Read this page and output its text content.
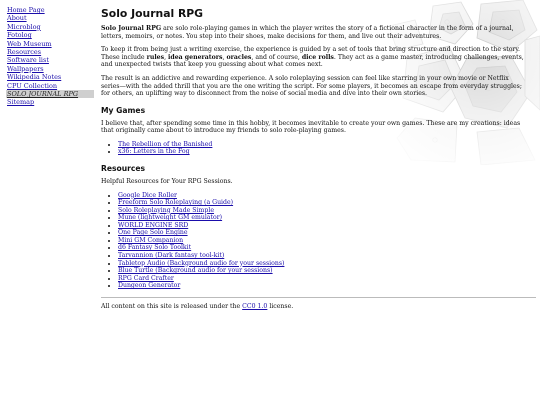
Home Page
About
Microblog
Fotolog
Web Museum
Resources
Software list
Wallpapers
Wikipedia Notes
CPU Collection
SOLO JOURNAL RPG
Sitemap
Solo Journal RPG

Solo Journal RPG are solo role-playing games in which the player writes the story of a fictional character in the form of a journal, letters, memoirs, or notes. You step into their shoes, make decisions for them, and live out their adventures.

To keep it from being just a writing exercise, the experience is guided by a set of tools that bring structure and direction to the story. These include rules, idea generators, oracles, and of course, dice rolls. They act as a game master, introducing challenges, events, and unexpected twists that keep you guessing about what comes next.

The result is an addictive and rewarding experience. A solo roleplaying session can feel like starring in your own movie or Netflix series—with the added thrill that you are the one writing the script. For some players, it becomes an escape from everyday struggles; for others, an uplifting way to disconnect from the noise of social media and dive into their own stories.

My Games

I believe that, after spending some time in this hobby, it becomes inevitable to create your own games. These are my creations: ideas that originally came about to introduce my friends to solo role-playing games.

• The Rebellion of the Banished
• x36: Letters in the Fog
Resources

Helpful Resources for Your RPG Sessions.

• Google Dice Roller
• Freeform Solo Roleplaying (a Guide)
• Solo Roleplaying Made Simple
• Mune (lightweight GM emulator)
• WORLD ENGINE SRD
• One Page Solo Engine
• Mini GM Companion
• d6 Fantasy Solo Toolkit
• Tarvannion (Dark fantasy tool-kit)
• Tabletop Audio (Background audio for your sessions)
• Blue Turtle (Background audio for your sessions)
• RPG Card Crafter
• Dungeon Generator

All content on this site is released under the CC0 1.0 license.
